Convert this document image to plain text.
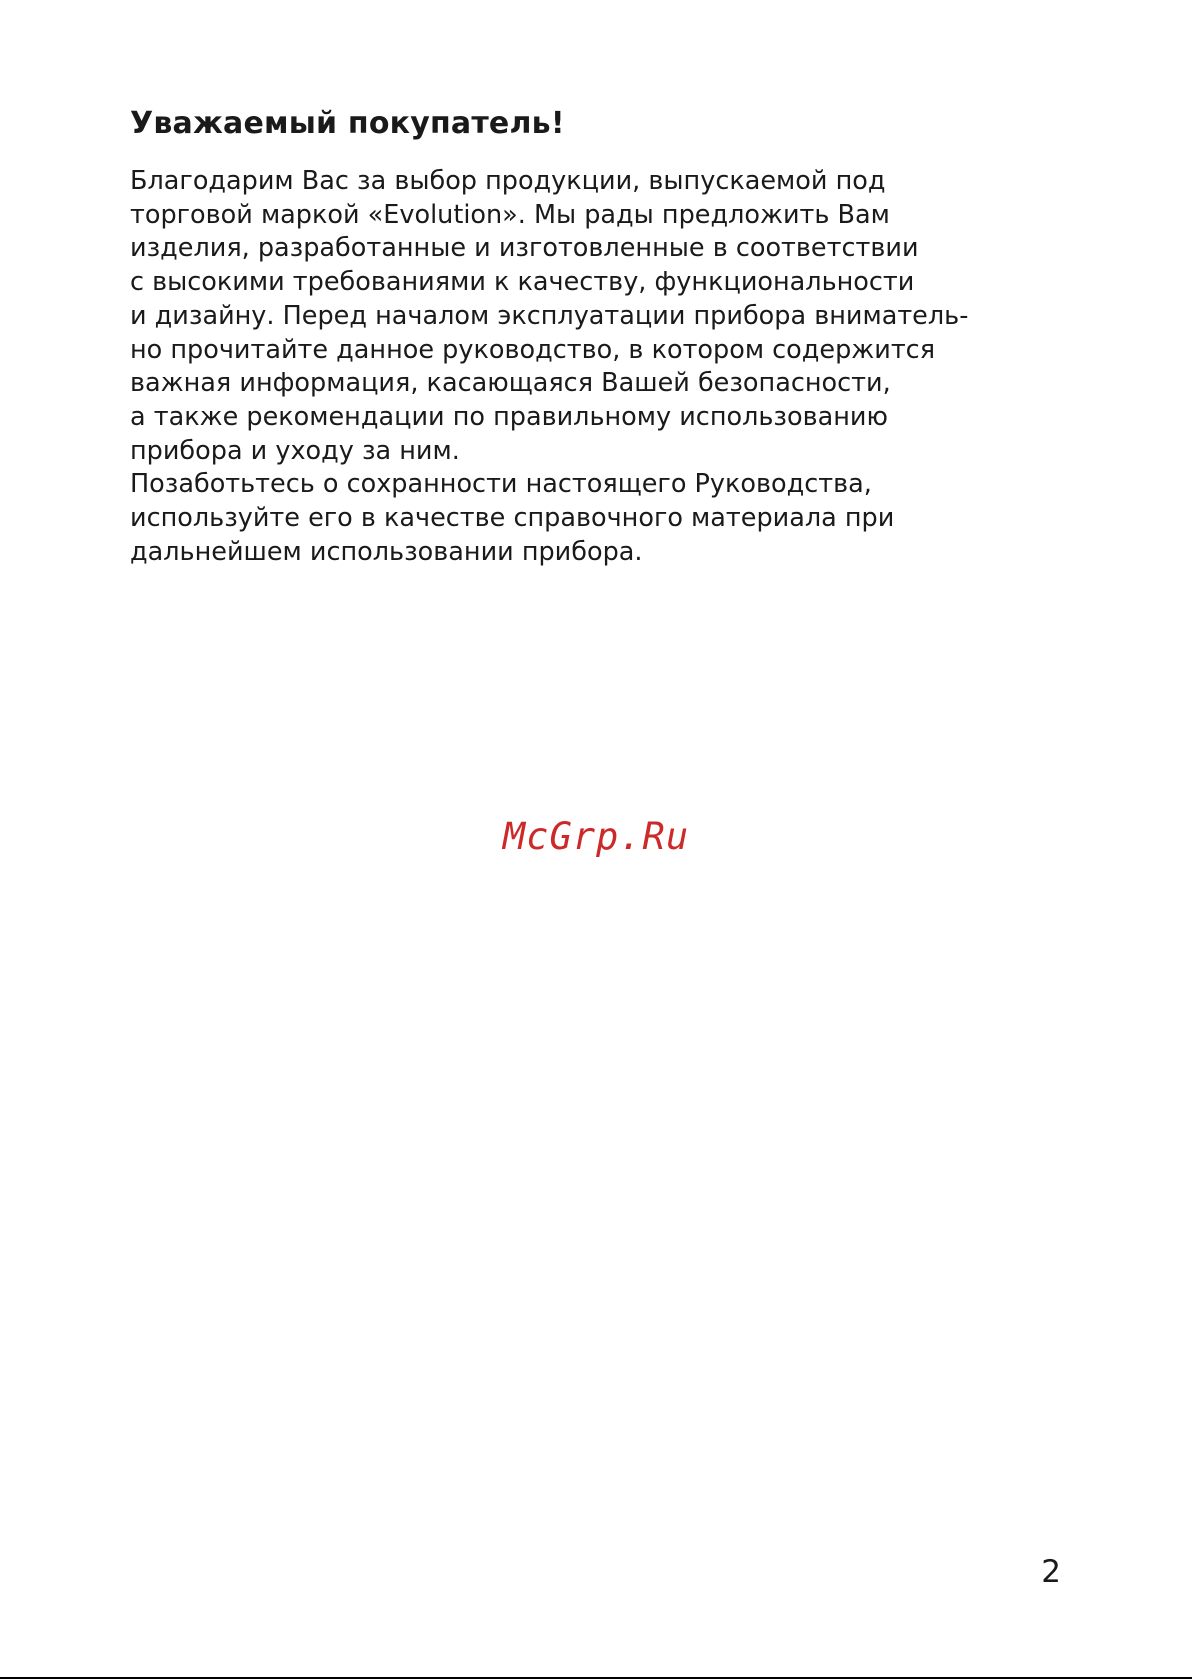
Уважаемый покупатель!
Благодарим Вас за выбор продукции, выпускаемой под
торговой маркой «Evolution». Мы рады предложить Вам
изделия, разработанные и изготовленные в соответствии
с высокими требованиями к качеству, функциональности
и дизайну. Перед началом эксплуатации прибора вниматель-
но прочитайте данное руководство, в котором содержится
важная информация, касающаяся Вашей безопасности,
а также рекомендации по правильному использованию
прибора и уходу за ним.
Позаботьтесь о сохранности настоящего Руководства,
используйте его в качестве справочного материала при
дальнейшем использовании прибора.
McGrp.Ru
2
